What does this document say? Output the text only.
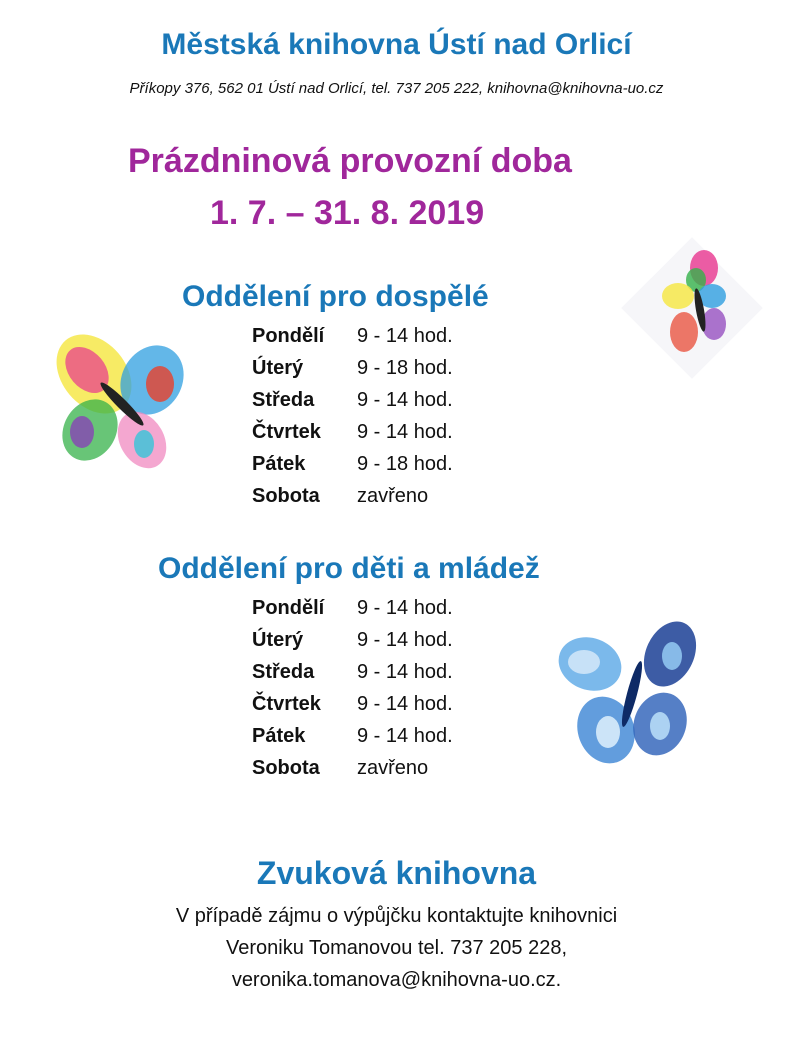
Městská knihovna Ústí nad Orlicí
Příkopy 376, 562 01 Ústí nad Orlicí, tel. 737 205 222, knihovna@knihovna-uo.cz
Prázdninová provozní doba
1. 7. – 31. 8. 2019
Oddělení pro dospělé
Pondělí 9 - 14 hod.
Úterý	9 - 18 hod.
Středa 9 - 14 hod.
Čtvrtek 9 - 14 hod.
Pátek	9 - 18 hod.
Sobota zavřeno
Oddělení pro děti a mládež
Pondělí 9 - 14 hod.
Úterý	9 - 14 hod.
Středa 9 - 14 hod.
Čtvrtek 9 - 14 hod.
Pátek	9 - 14 hod.
Sobota zavřeno
Zvuková knihovna
V případě zájmu o výpůjčku kontaktujte knihovnici
Veroniku Tomanovou tel. 737 205 228,
veronika.tomanova@knihovna-uo.cz.
